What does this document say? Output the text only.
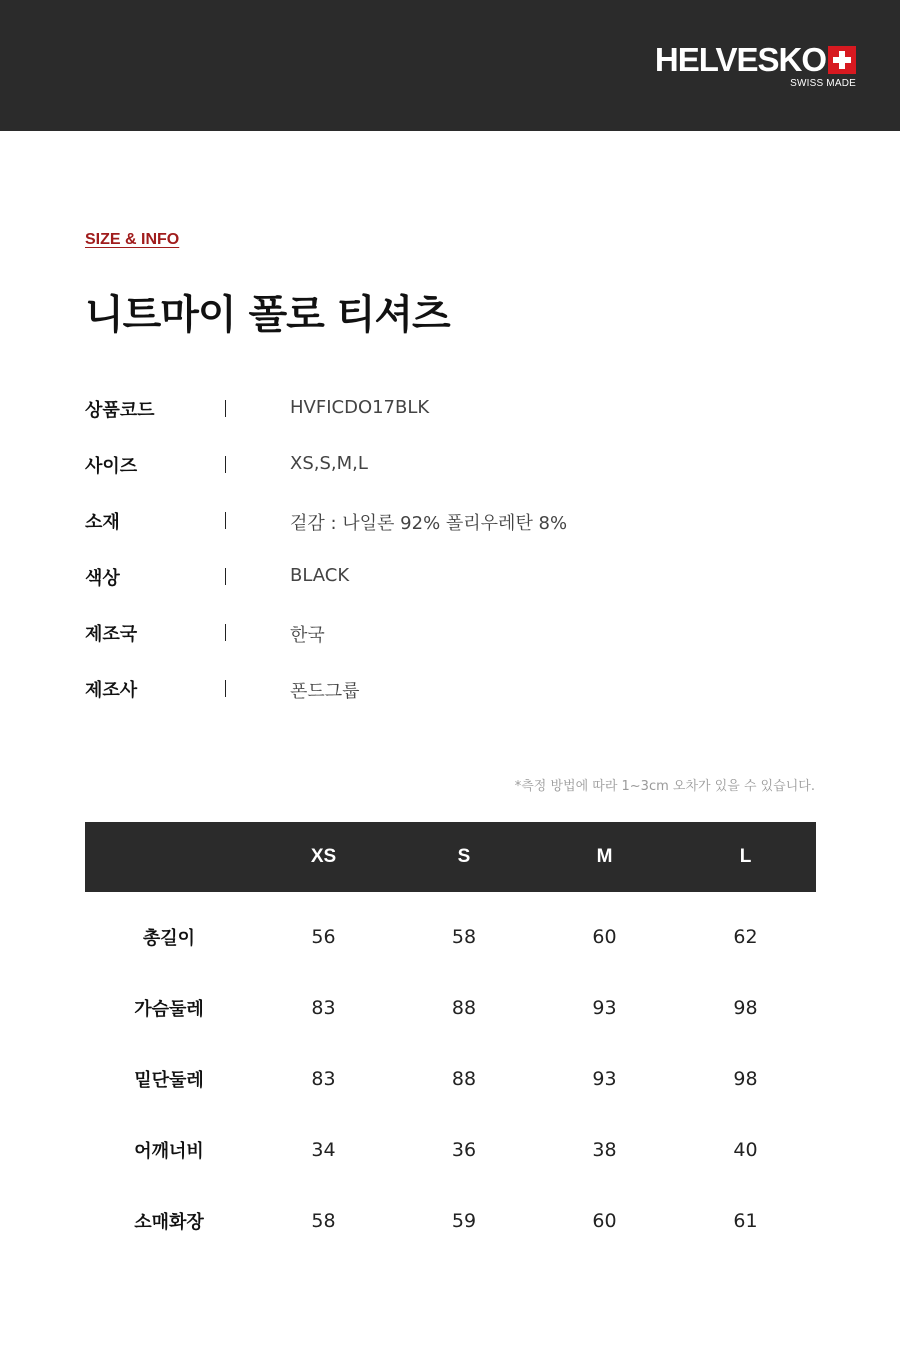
HELVESKO
SWISS MADE
SIZE & INFO
니트마이 폴로 티셔츠
상품코드	HVFICDO17BLK
사이즈	XS,S,M,L
소재	겉감 : 나일론 92% 폴리우레탄 8%
색상	BLACK
제조국	한국
제조사	폰드그룹
*측정 방법에 따라 1~3cm 오차가 있을 수 있습니다.
XS	S	M	L
총길이	56	58	60	62
가슴둘레	83	88	93	98
밑단둘레	83	88	93	98
어깨너비	34	36	38	40
소매화장	58	59	60	61
